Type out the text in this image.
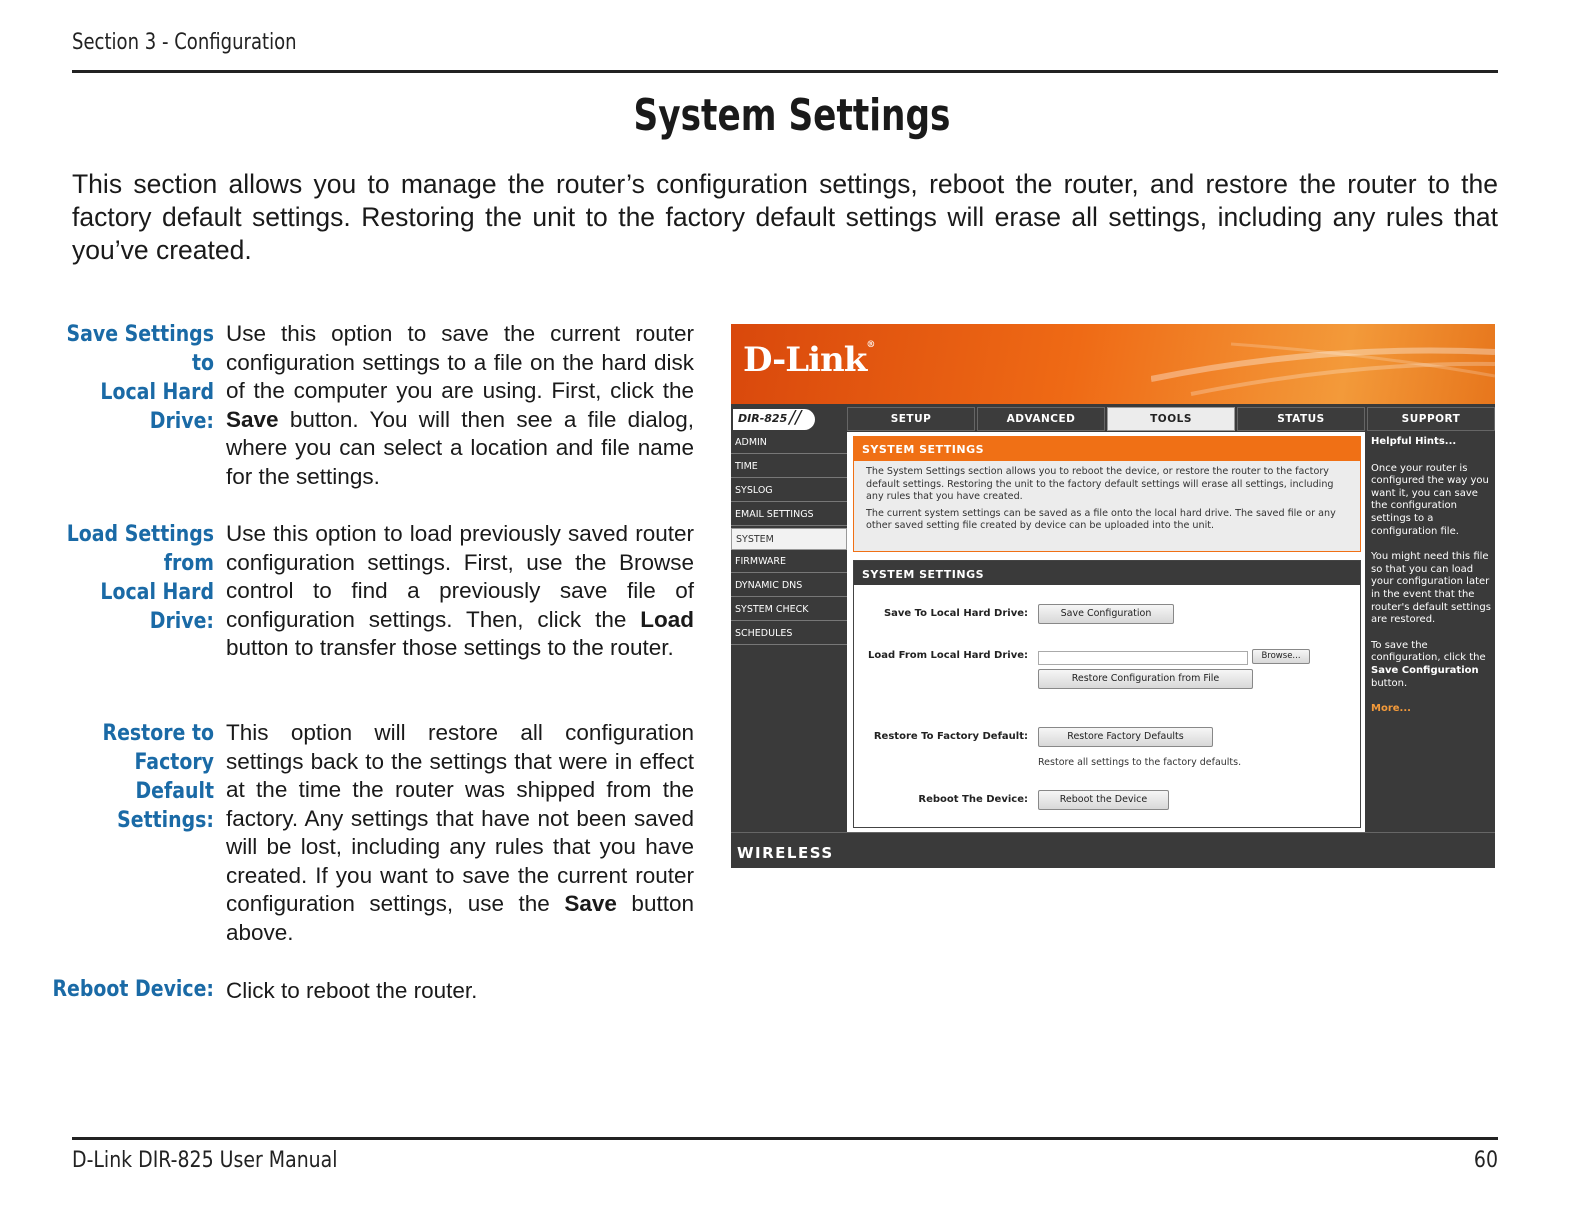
Section 3 - Configuration
System Settings
This section allows you to manage the router’s configuration settings, reboot the router, and restore the router to the factory default settings. Restoring the unit to the factory default settings will erase all settings, including any rules that you’ve created.
Save Settings to
Local Hard Drive:
Use this option to save the current router configuration settings to a file on the hard disk of the computer you are using. First, click the Save button. You will then see a file dialog, where you can select a location and file name for the settings.
Load Settings from
Local Hard Drive:
Use this option to load previously saved router configuration settings. First, use the Browse control to find a previously save file of configuration settings. Then, click the Load button to transfer those settings to the router.
Restore to Factory
Default Settings:
This option will restore all configuration settings back to the settings that were in effect at the time the router was shipped from the factory. Any settings that have not been saved will be lost, including any rules that you have created. If you want to save the current router configuration settings, use the Save button above.
Reboot Device: Click to reboot the router.
D-Link®
DIR-825 //	SETUP	ADVANCED	TOOLS	STATUS	SUPPORT
ADMIN
TIME
SYSLOG
EMAIL SETTINGS
SYSTEM
FIRMWARE
DYNAMIC DNS
SYSTEM CHECK
SCHEDULES
SYSTEM SETTINGS

The System Settings section allows you to reboot the device, or restore the router to the factory default settings. Restoring the unit to the factory default settings will erase all settings, including any rules that you have created.

The current system settings can be saved as a file onto the local hard drive. The saved file or any other saved setting file created by device can be uploaded into the unit.

SYSTEM SETTINGS
Save To Local Hard Drive:	Save Configuration
Load From Local Hard Drive:	Browse...
Restore Configuration from File
Restore To Factory Default:	Restore Factory Defaults
Restore all settings to the factory defaults.
Reboot The Device:	Reboot the Device
Helpful Hints...

Once your router is configured the way you want it, you can save the configuration settings to a configuration file.

You might need this file so that you can load your configuration later in the event that the router's default settings are restored.

To save the configuration, click the Save Configuration button.

More...

WIRELESS
D-Link DIR-825 User Manual	60
